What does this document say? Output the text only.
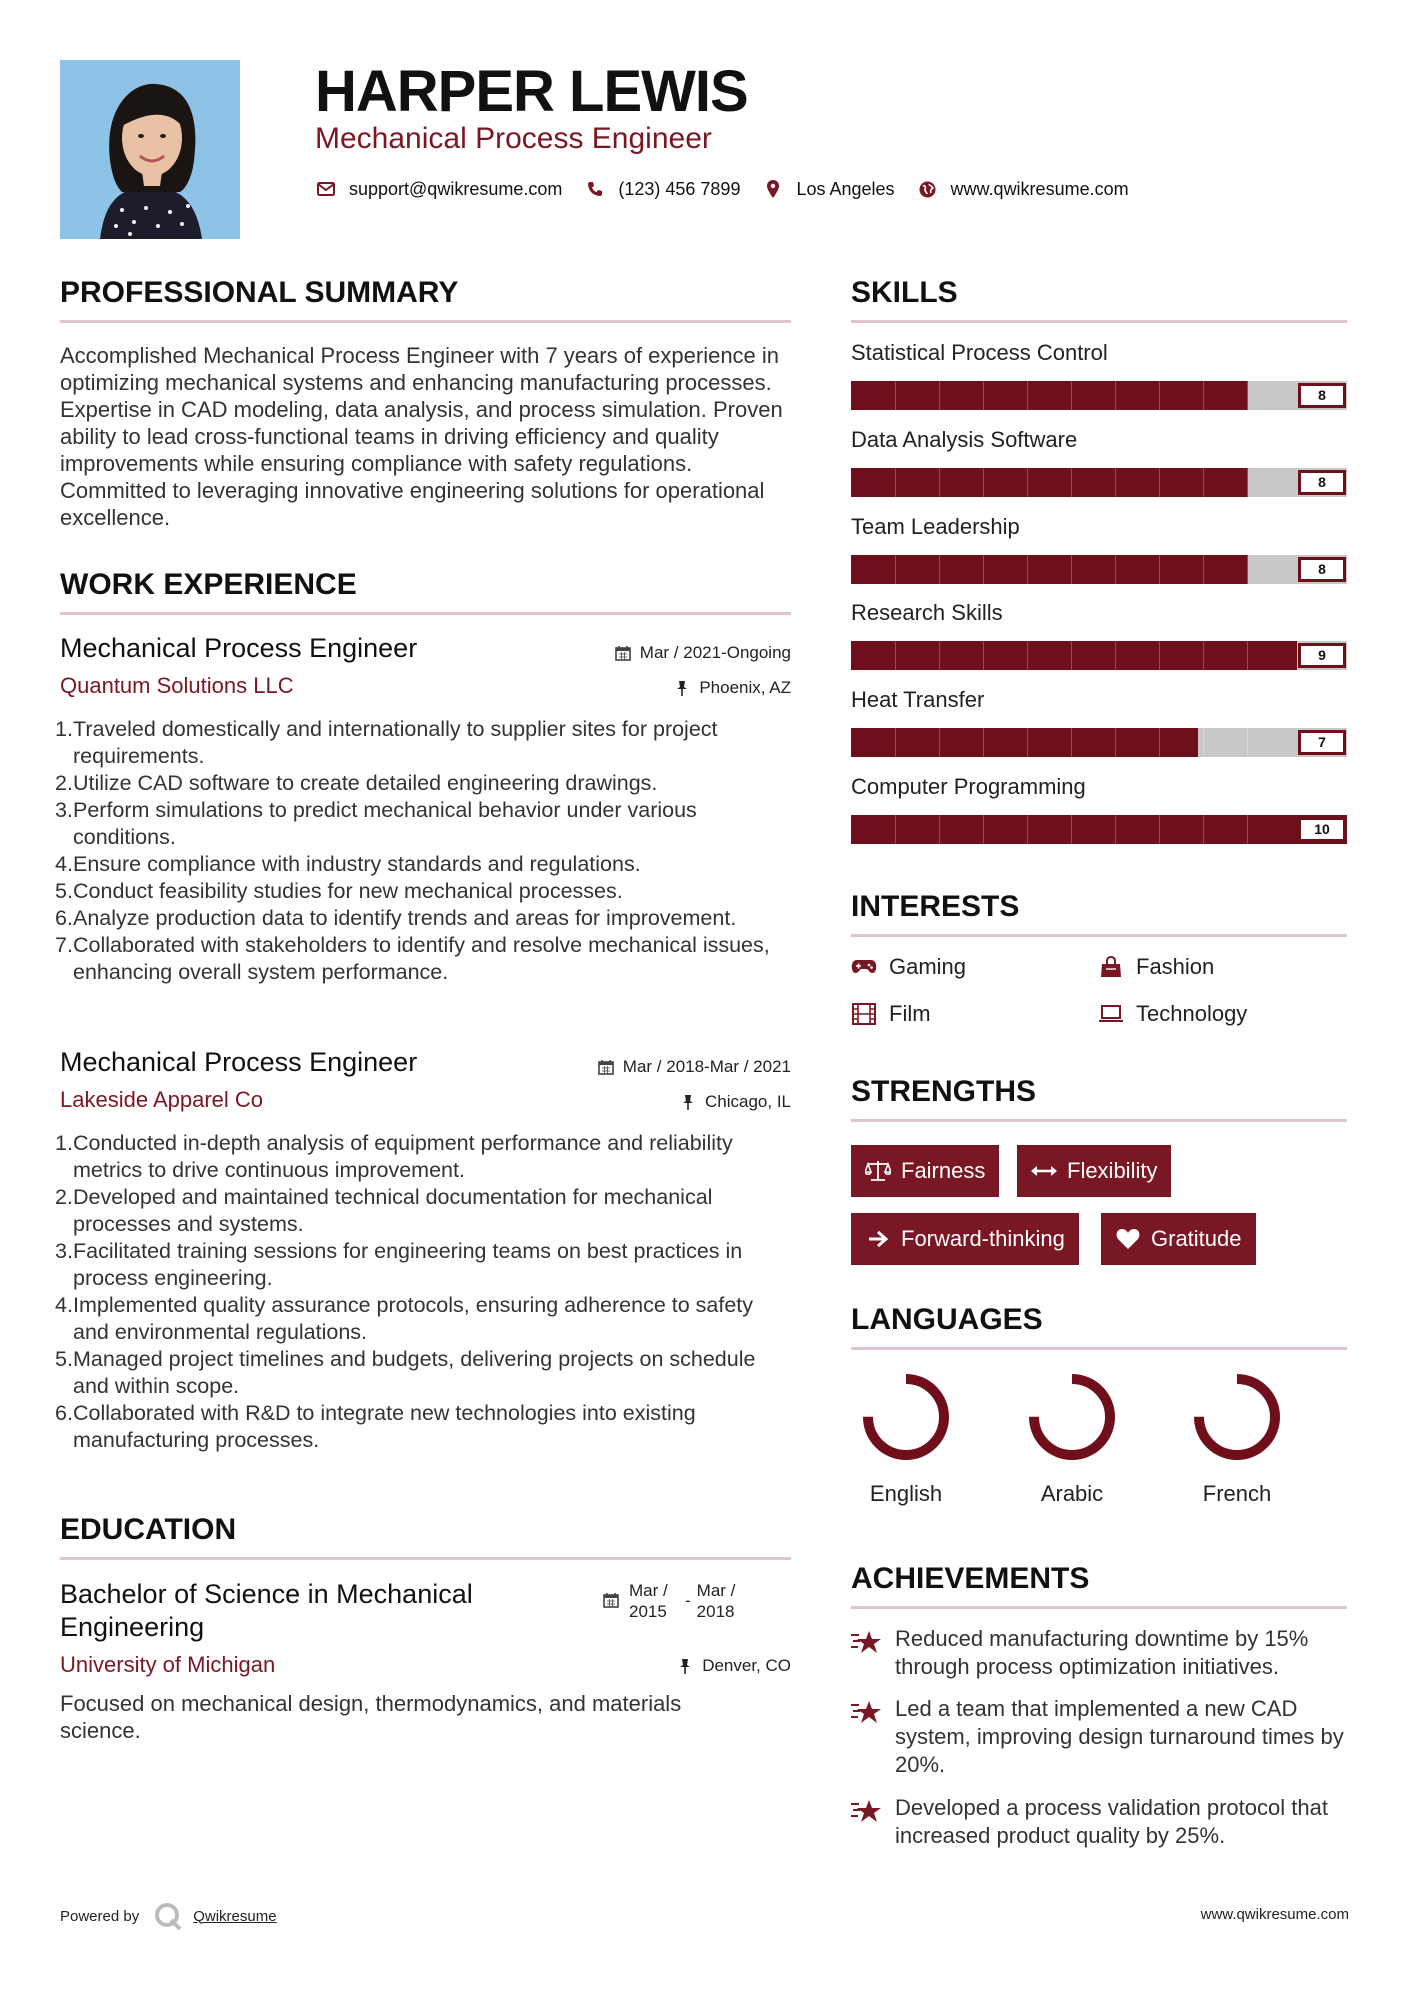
HARPER LEWIS
Mechanical Process Engineer
support@qwikresume.com	(123) 456 7899	Los Angeles	www.qwikresume.com
PROFESSIONAL SUMMARY
Accomplished Mechanical Process Engineer with 7 years of experience in optimizing mechanical systems and enhancing manufacturing processes. Expertise in CAD modeling, data analysis, and process simulation. Proven ability to lead cross-functional teams in driving efficiency and quality improvements while ensuring compliance with safety regulations. Committed to leveraging innovative engineering solutions for operational excellence.
WORK EXPERIENCE
Mechanical Process Engineer	Mar / 2021-Ongoing
Quantum Solutions LLC	Phoenix, AZ
1. Traveled domestically and internationally to supplier sites for project requirements.
2. Utilize CAD software to create detailed engineering drawings.
3. Perform simulations to predict mechanical behavior under various conditions.
4. Ensure compliance with industry standards and regulations.
5. Conduct feasibility studies for new mechanical processes.
6. Analyze production data to identify trends and areas for improvement.
7. Collaborated with stakeholders to identify and resolve mechanical issues, enhancing overall system performance.
Mechanical Process Engineer	Mar / 2018-Mar / 2021
Lakeside Apparel Co	Chicago, IL
1. Conducted in-depth analysis of equipment performance and reliability metrics to drive continuous improvement.
2. Developed and maintained technical documentation for mechanical processes and systems.
3. Facilitated training sessions for engineering teams on best practices in process engineering.
4. Implemented quality assurance protocols, ensuring adherence to safety and environmental regulations.
5. Managed project timelines and budgets, delivering projects on schedule and within scope.
6. Collaborated with R&D to integrate new technologies into existing manufacturing processes.
EDUCATION
Bachelor of Science in Mechanical Engineering
Mar / 2015
-
Mar / 2018
University of Michigan	Denver, CO
Focused on mechanical design, thermodynamics, and materials science.
SKILLS
Statistical Process Control
8
Data Analysis Software
8
Team Leadership
8
Research Skills
9
Heat Transfer
7
Computer Programming
10
INTERESTS
Gaming	Fashion
Film	Technology
STRENGTHS
Fairness	Flexibility
Forward-thinking	Gratitude
LANGUAGES
English	Arabic	French
ACHIEVEMENTS
Reduced manufacturing downtime by 15% through process optimization initiatives.
Led a team that implemented a new CAD system, improving design turnaround times by 20%.
Developed a process validation protocol that increased product quality by 25%.
Powered by	Qwikresume	www.qwikresume.com
